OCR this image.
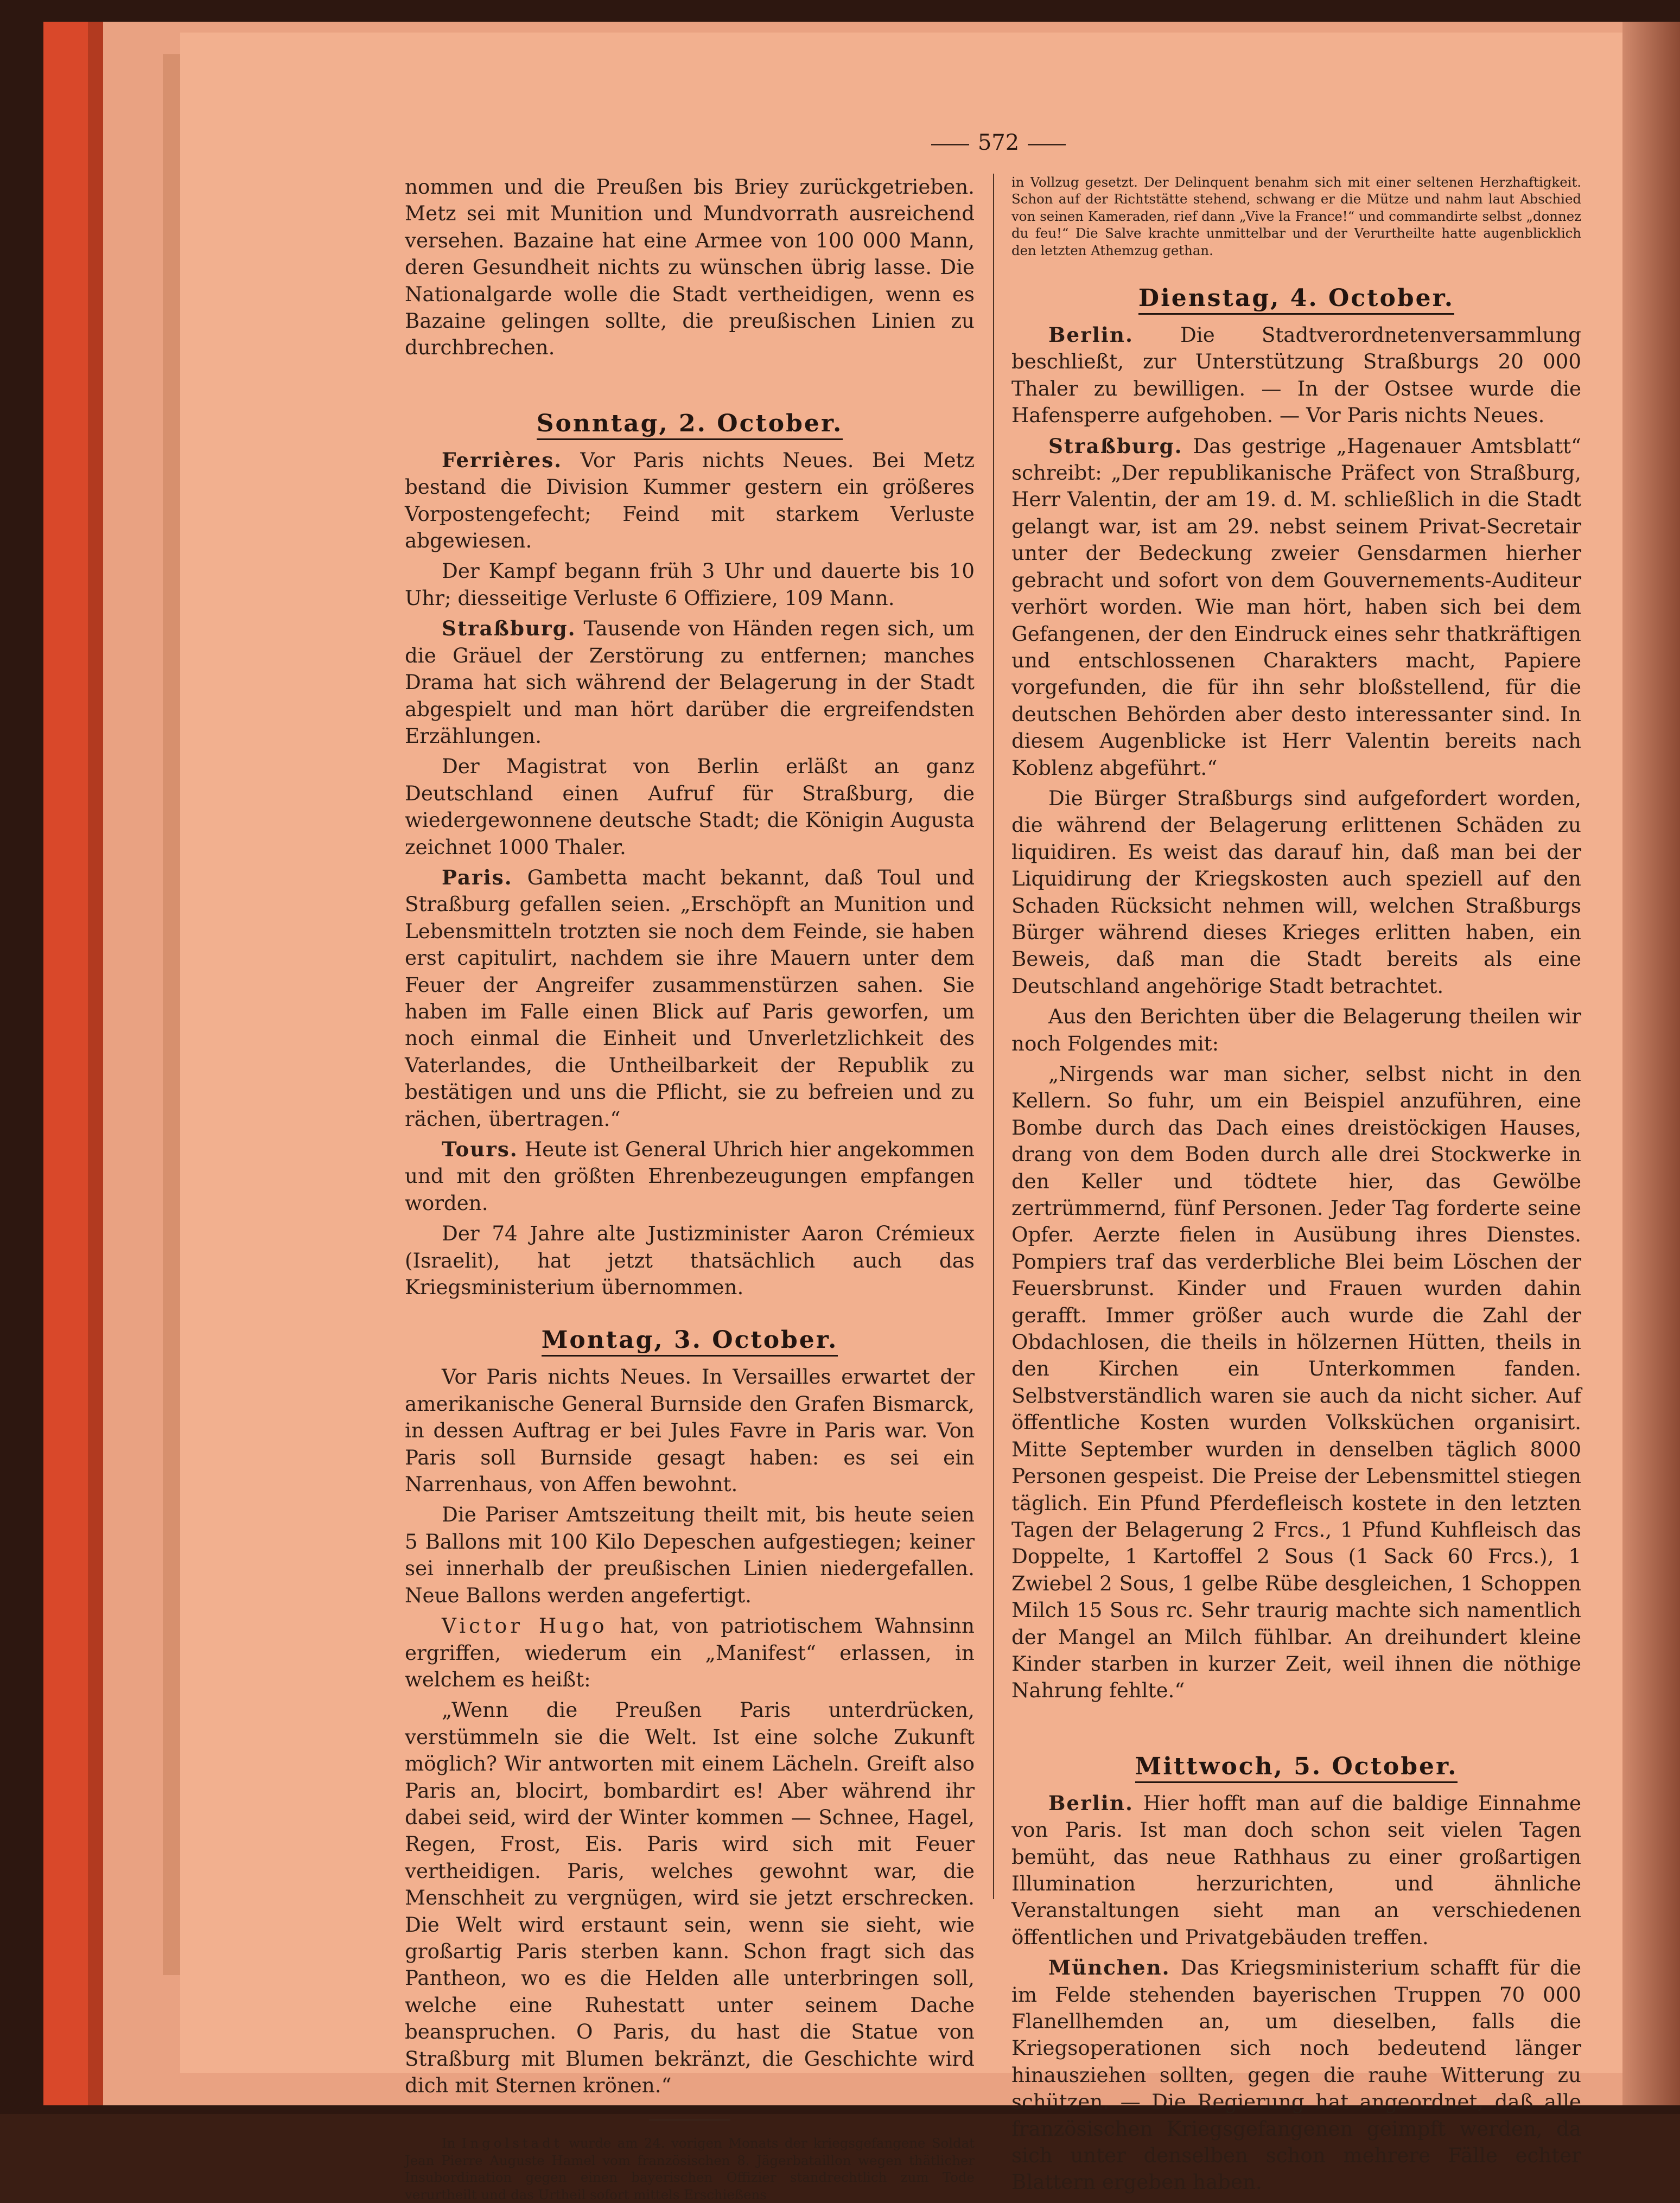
572

nommen und die Preußen bis Briey zurückgetrieben. Metz sei mit Munition und Mundvorrath ausreichend versehen. Bazaine hat eine Armee von 100 000 Mann, deren Gesundheit nichts zu wünschen übrig lasse. Die Nationalgarde wolle die Stadt vertheidigen, wenn es Bazaine gelingen sollte, die preußischen Linien zu durchbrechen.

Sonntag, 2. October.

Ferrières. Vor Paris nichts Neues. Bei Metz bestand die Division Kummer gestern ein größeres Vorpostengefecht; Feind mit starkem Verluste abgewiesen.

Der Kampf begann früh 3 Uhr und dauerte bis 10 Uhr; diesseitige Verluste 6 Offiziere, 109 Mann.

Straßburg. Tausende von Händen regen sich, um die Gräuel der Zerstörung zu entfernen; manches Drama hat sich während der Belagerung in der Stadt abgespielt und man hört darüber die ergreifendsten Erzählungen.

Der Magistrat von Berlin erläßt an ganz Deutschland einen Aufruf für Straßburg, die wiedergewonnene deutsche Stadt; die Königin Augusta zeichnet 1000 Thaler.

Paris. Gambetta macht bekannt, daß Toul und Straßburg gefallen seien. „Erschöpft an Munition und Lebensmitteln trotzten sie noch dem Feinde, sie haben erst capitulirt, nachdem sie ihre Mauern unter dem Feuer der Angreifer zusammenstürzen sahen. Sie haben im Falle einen Blick auf Paris geworfen, um noch einmal die Einheit und Unverletzlichkeit des Vaterlandes, die Untheilbarkeit der Republik zu bestätigen und uns die Pflicht, sie zu befreien und zu rächen, übertragen.“

Tours. Heute ist General Uhrich hier angekommen und mit den größten Ehrenbezeugungen empfangen worden.

Der 74 Jahre alte Justizminister Aaron Crémieux (Israelit), hat jetzt thatsächlich auch das Kriegsministerium übernommen.

Montag, 3. October.

Vor Paris nichts Neues. In Versailles erwartet der amerikanische General Burnside den Grafen Bismarck, in dessen Auftrag er bei Jules Favre in Paris war. Von Paris soll Burnside gesagt haben: es sei ein Narrenhaus, von Affen bewohnt.

Die Pariser Amtszeitung theilt mit, bis heute seien 5 Ballons mit 100 Kilo Depeschen aufgestiegen; keiner sei innerhalb der preußischen Linien niedergefallen. Neue Ballons werden angefertigt.

Victor Hugo hat, von patriotischem Wahnsinn ergriffen, wiederum ein „Manifest“ erlassen, in welchem es heißt:

„Wenn die Preußen Paris unterdrücken, verstümmeln sie die Welt. Ist eine solche Zukunft möglich? Wir antworten mit einem Lächeln. Greift also Paris an, blocirt, bombardirt es! Aber während ihr dabei seid, wird der Winter kommen — Schnee, Hagel, Regen, Frost, Eis. Paris wird sich mit Feuer vertheidigen. Paris, welches gewohnt war, die Menschheit zu vergnügen, wird sie jetzt erschrecken. Die Welt wird erstaunt sein, wenn sie sieht, wie großartig Paris sterben kann. Schon fragt sich das Pantheon, wo es die Helden alle unterbringen soll, welche eine Ruhestatt unter seinem Dache beanspruchen. O Paris, du hast die Statue von Straßburg mit Blumen bekränzt, die Geschichte wird dich mit Sternen krönen.“

In Ingolstadt wurde am 24. vorigen Monats der kriegsgefangene Soldat Jean Pierre Auguste Hamel vom französischen 8. Jägerbataillon wegen thätlicher Insubordination gegen einen bayerischen Offizier standrechtlich zum Tode verurtheilt und das Urtheil sofort mittels Erschießens

in Vollzug gesetzt. Der Delinquent benahm sich mit einer seltenen Herzhaftigkeit. Schon auf der Richtstätte stehend, schwang er die Mütze und nahm laut Abschied von seinen Kameraden, rief dann „Vive la France!“ und commandirte selbst „donnez du feu!“ Die Salve krachte unmittelbar und der Verurtheilte hatte augenblicklich den letzten Athemzug gethan.

Dienstag, 4. October.

Berlin. Die Stadtverordnetenversammlung beschließt, zur Unterstützung Straßburgs 20 000 Thaler zu bewilligen. — In der Ostsee wurde die Hafensperre aufgehoben. — Vor Paris nichts Neues.

Straßburg. Das gestrige „Hagenauer Amtsblatt“ schreibt: „Der republikanische Präfect von Straßburg, Herr Valentin, der am 19. d. M. schließlich in die Stadt gelangt war, ist am 29. nebst seinem Privat-Secretair unter der Bedeckung zweier Gensdarmen hierher gebracht und sofort von dem Gouvernements-Auditeur verhört worden. Wie man hört, haben sich bei dem Gefangenen, der den Eindruck eines sehr thatkräftigen und entschlossenen Charakters macht, Papiere vorgefunden, die für ihn sehr bloßstellend, für die deutschen Behörden aber desto interessanter sind. In diesem Augenblicke ist Herr Valentin bereits nach Koblenz abgeführt.“

Die Bürger Straßburgs sind aufgefordert worden, die während der Belagerung erlittenen Schäden zu liquidiren. Es weist das darauf hin, daß man bei der Liquidirung der Kriegskosten auch speziell auf den Schaden Rücksicht nehmen will, welchen Straßburgs Bürger während dieses Krieges erlitten haben, ein Beweis, daß man die Stadt bereits als eine Deutschland angehörige Stadt betrachtet.

Aus den Berichten über die Belagerung theilen wir noch Folgendes mit:

„Nirgends war man sicher, selbst nicht in den Kellern. So fuhr, um ein Beispiel anzuführen, eine Bombe durch das Dach eines dreistöckigen Hauses, drang von dem Boden durch alle drei Stockwerke in den Keller und tödtete hier, das Gewölbe zertrümmernd, fünf Personen. Jeder Tag forderte seine Opfer. Aerzte fielen in Ausübung ihres Dienstes. Pompiers traf das verderbliche Blei beim Löschen der Feuersbrunst. Kinder und Frauen wurden dahin gerafft. Immer größer auch wurde die Zahl der Obdachlosen, die theils in hölzernen Hütten, theils in den Kirchen ein Unterkommen fanden. Selbstverständlich waren sie auch da nicht sicher. Auf öffentliche Kosten wurden Volksküchen organisirt. Mitte September wurden in denselben täglich 8000 Personen gespeist. Die Preise der Lebensmittel stiegen täglich. Ein Pfund Pferdefleisch kostete in den letzten Tagen der Belagerung 2 Frcs., 1 Pfund Kuhfleisch das Doppelte, 1 Kartoffel 2 Sous (1 Sack 60 Frcs.), 1 Zwiebel 2 Sous, 1 gelbe Rübe desgleichen, 1 Schoppen Milch 15 Sous rc. Sehr traurig machte sich namentlich der Mangel an Milch fühlbar. An dreihundert kleine Kinder starben in kurzer Zeit, weil ihnen die nöthige Nahrung fehlte.“

Mittwoch, 5. October.

Berlin. Hier hofft man auf die baldige Einnahme von Paris. Ist man doch schon seit vielen Tagen bemüht, das neue Rathhaus zu einer großartigen Illumination herzurichten, und ähnliche Veranstaltungen sieht man an verschiedenen öffentlichen und Privatgebäuden treffen.

München. Das Kriegsministerium schafft für die im Felde stehenden bayerischen Truppen 70 000 Flanellhemden an, um dieselben, falls die Kriegsoperationen sich noch bedeutend länger hinausziehen sollten, gegen die rauhe Witterung zu schützen. — Die Regierung hat angeordnet, daß alle französischen Kriegsgefangenen geimpft werden, da sich unter denselben schon mehrere Fälle echter Blattern ergeben haben.
